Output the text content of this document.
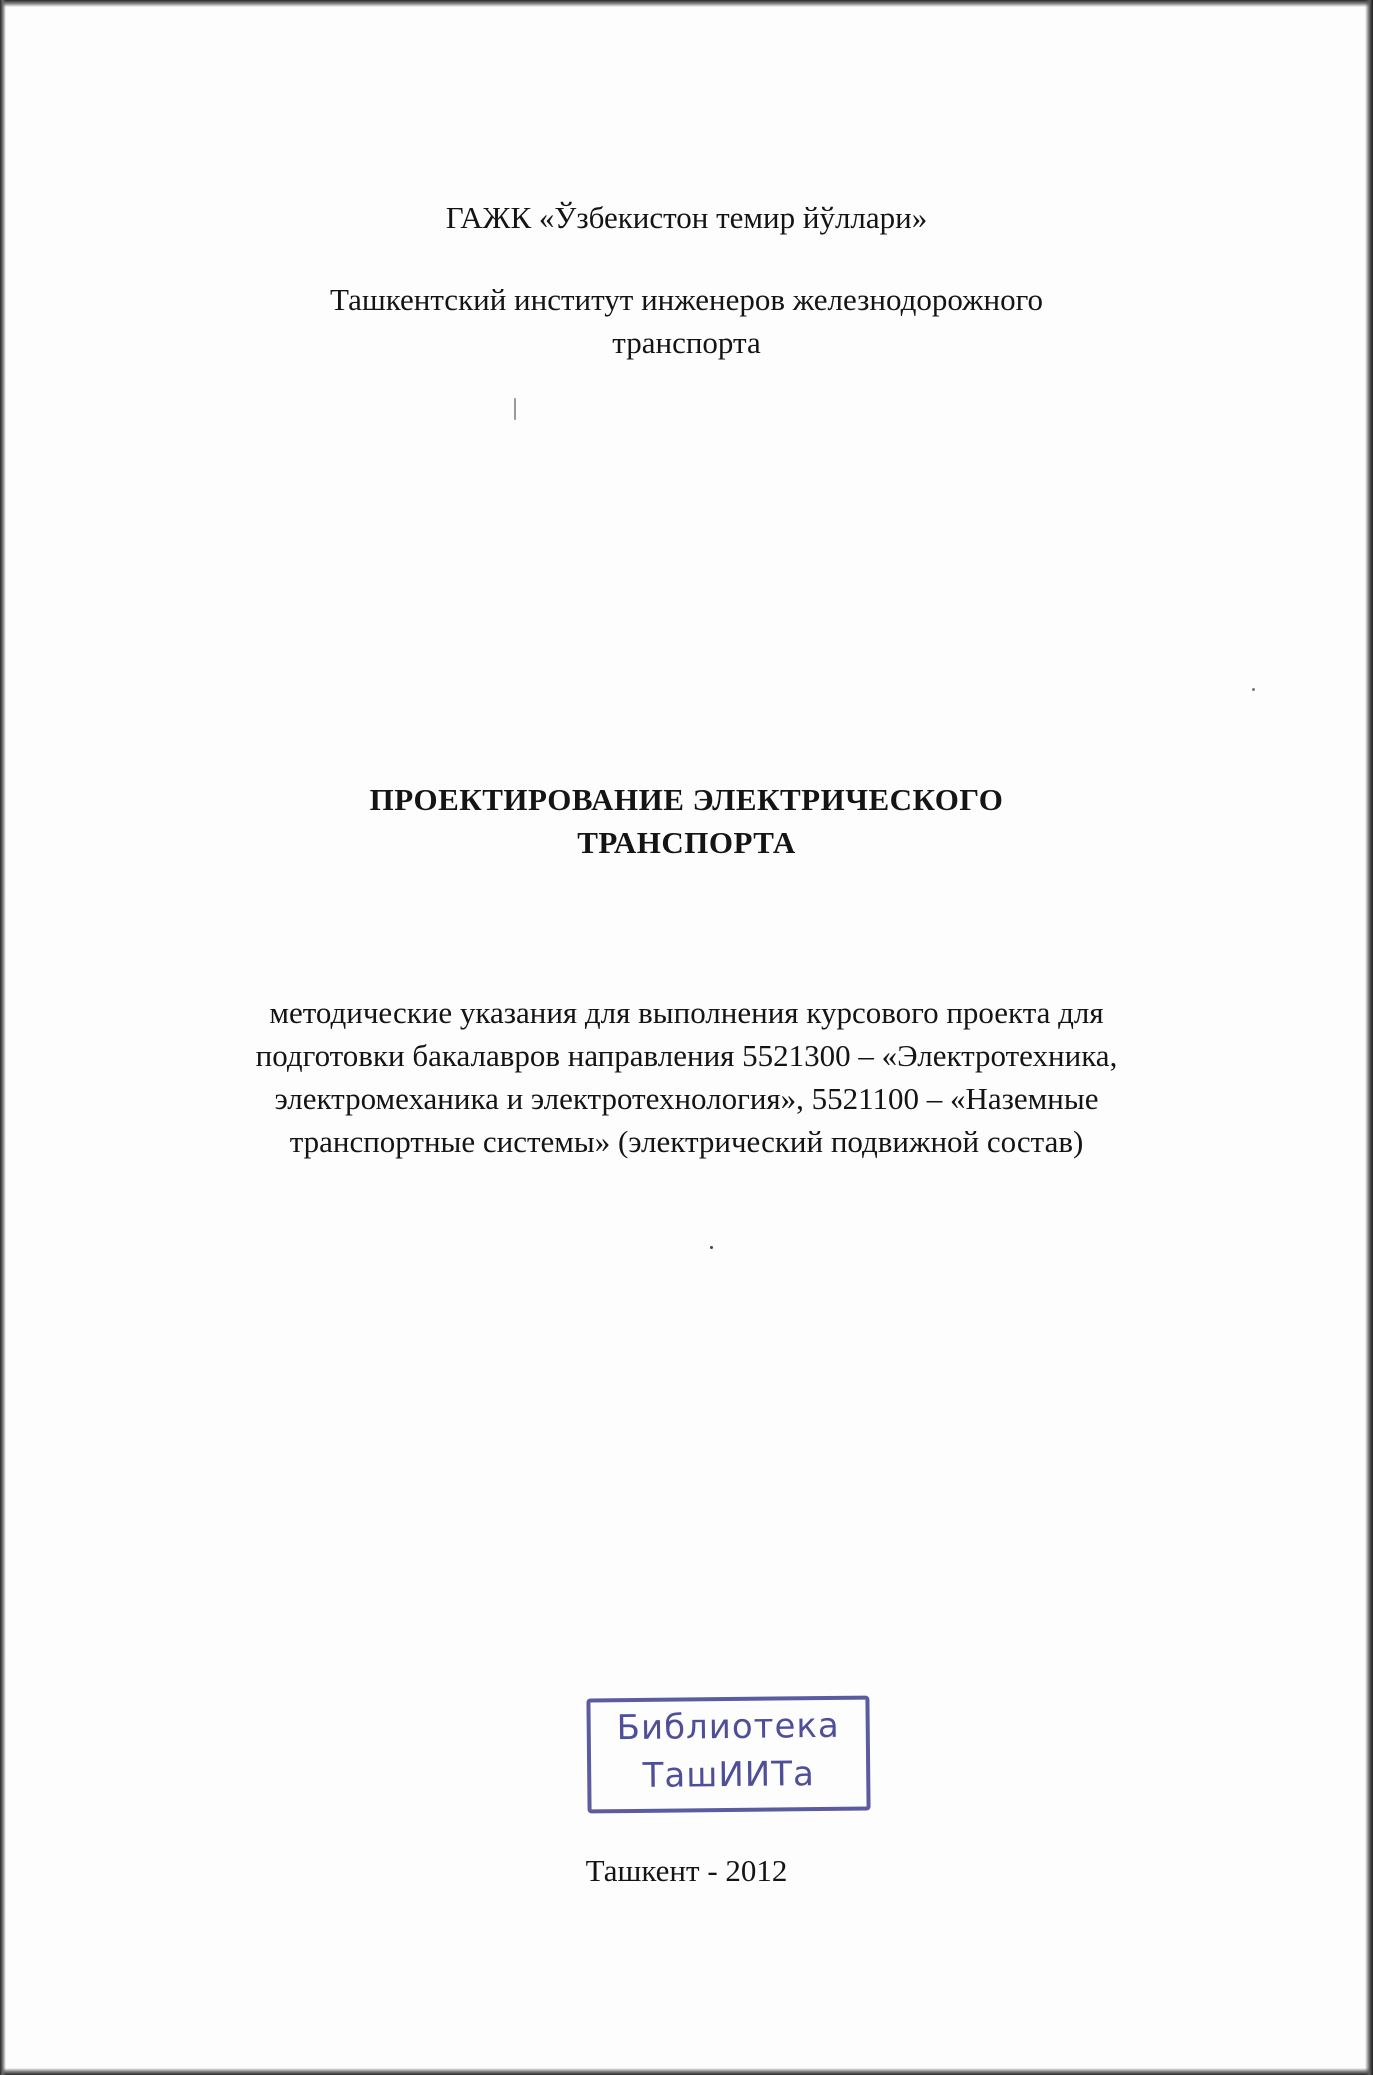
ГАЖК «Ўзбекистон темир йўллари»
Ташкентский институт инженеров железнодорожного
транспорта
ПРОЕКТИРОВАНИЕ ЭЛЕКТРИЧЕСКОГО
ТРАНСПОРТА
методические указания для выполнения курсового проекта для
подготовки бакалавров направления 5521300 – «Электротехника,
электромеханика и электротехнология», 5521100 – «Наземные
транспортные системы» (электрический подвижной состав)
Библиотека
ТашИИТа
Ташкент - 2012
